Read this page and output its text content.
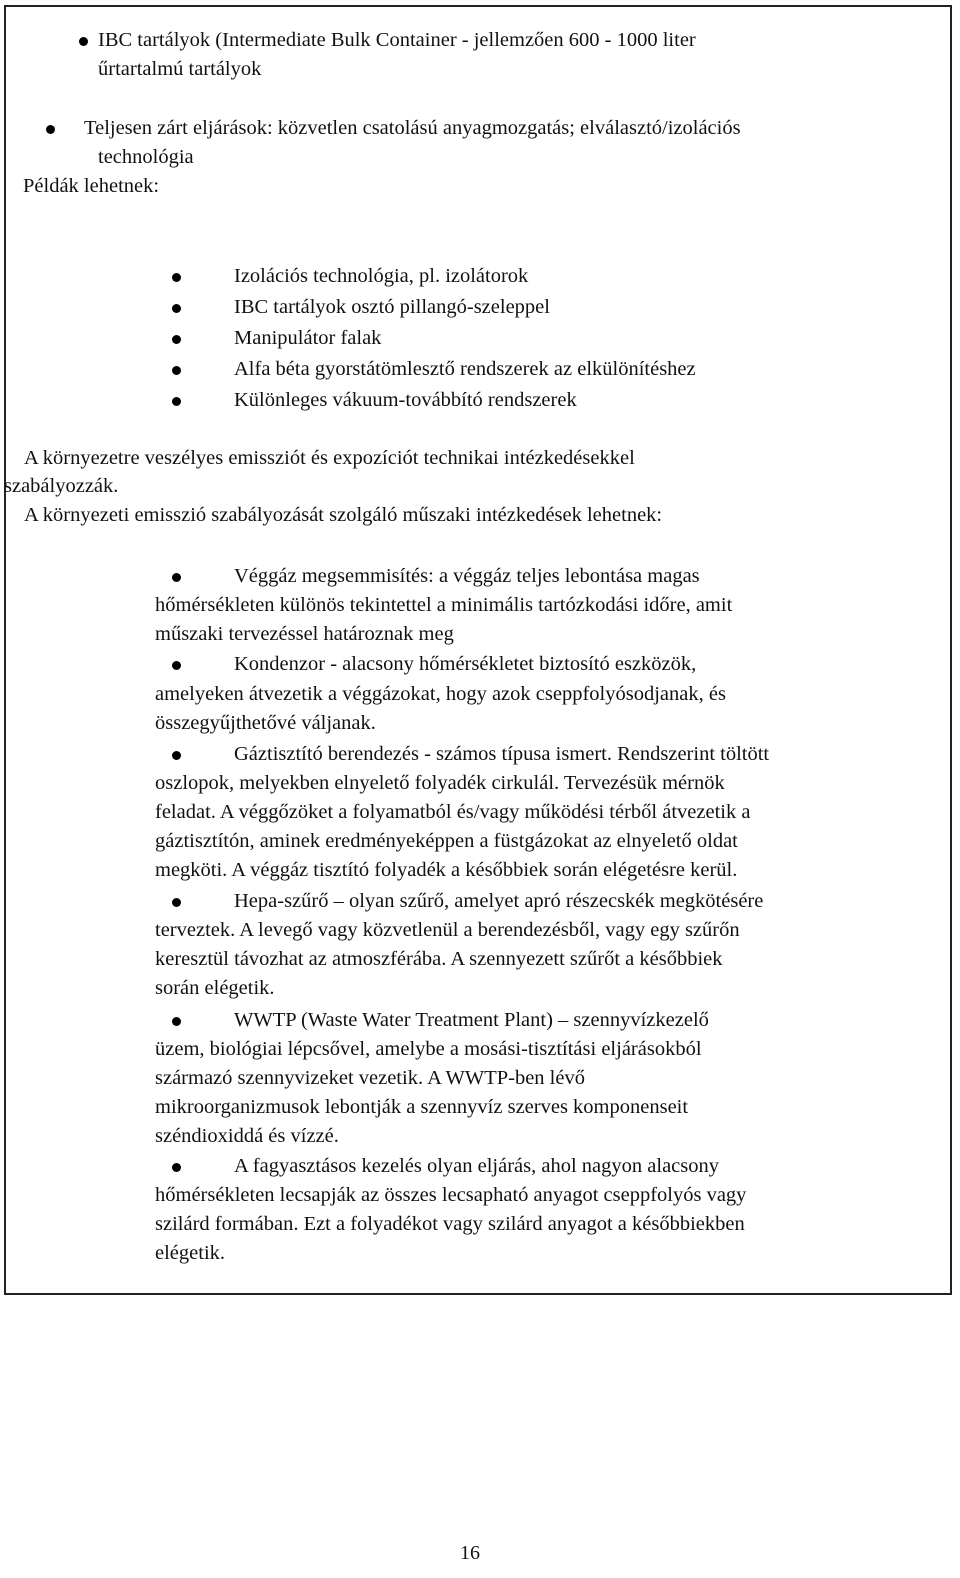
IBC tartályok (Intermediate Bulk Container - jellemzően 600 - 1000 liter
űrtartalmú tartályok
Teljesen zárt eljárások: közvetlen csatolású anyagmozgatás; elválasztó/izolációs
technológia
Példák lehetnek:
Izolációs technológia, pl. izolátorok
IBC tartályok osztó pillangó-szeleppel
Manipulátor falak
Alfa béta gyorstátömlesztő rendszerek az elkülönítéshez
Különleges vákuum-továbbító rendszerek
A környezetre veszélyes emissziót és expozíciót technikai intézkedésekkel
szabályozzák.
A környezeti emisszió szabályozását szolgáló műszaki intézkedések lehetnek:
Véggáz megsemmisítés: a véggáz teljes lebontása magas
hőmérsékleten különös tekintettel a minimális tartózkodási időre, amit
műszaki tervezéssel határoznak meg
Kondenzor - alacsony hőmérsékletet biztosító eszközök,
amelyeken átvezetik a véggázokat, hogy azok cseppfolyósodjanak, és
összegyűjthetővé váljanak.
Gáztisztító berendezés - számos típusa ismert. Rendszerint töltött
oszlopok, melyekben elnyelető folyadék cirkulál. Tervezésük mérnök
feladat. A véggőzöket a folyamatból és/vagy működési térből átvezetik a
gáztisztítón, aminek eredményeképpen a füstgázokat az elnyelető oldat
megköti. A véggáz tisztító folyadék a későbbiek során elégetésre kerül.
Hepa-szűrő – olyan szűrő, amelyet apró részecskék megkötésére
terveztek. A levegő vagy közvetlenül a berendezésből, vagy egy szűrőn
keresztül távozhat az atmoszférába. A szennyezett szűrőt a későbbiek
során elégetik.
WWTP (Waste Water Treatment Plant) – szennyvízkezelő
üzem, biológiai lépcsővel, amelybe a mosási-tisztítási eljárásokból
származó szennyvizeket vezetik. A WWTP-ben lévő
mikroorganizmusok lebontják a szennyvíz szerves komponenseit
széndioxiddá és vízzé.
A fagyasztásos kezelés olyan eljárás, ahol nagyon alacsony
hőmérsékleten lecsapják az összes lecsapható anyagot cseppfolyós vagy
szilárd formában. Ezt a folyadékot vagy szilárd anyagot a későbbiekben
elégetik.
16
